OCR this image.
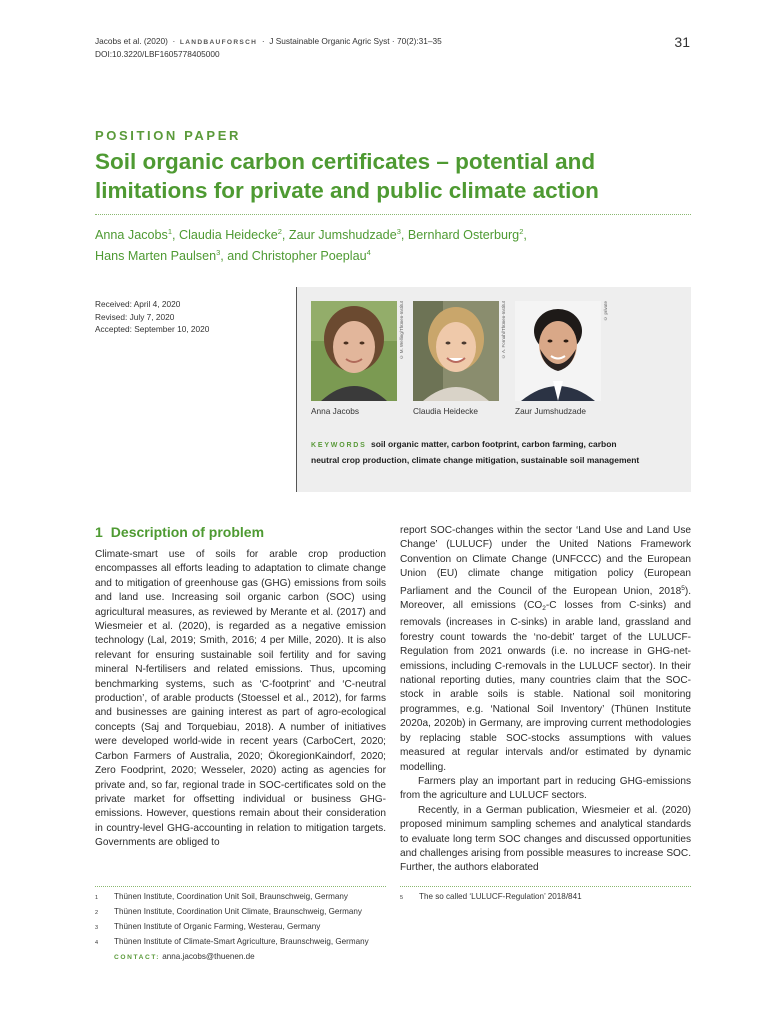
Jacobs et al. (2020) · LANDBAUFORSCH · J Sustainable Organic Agric Syst · 70(2):31–35
DOI:10.3220/LBF1605778405000
31
POSITION PAPER
Soil organic carbon certificates – potential and
limitations for private and public climate action
Anna Jacobs$^1$, Claudia Heidecke$^2$, Zaur Jumshudzade$^3$, Bernhard Osterburg$^2$,
Hans Marten Paulsen$^3$, and Christopher Poeplau$^4$
Received: April 4, 2020
Revised: July 7, 2020
Accepted: September 10, 2020	© M. Welling/Thünen-Institut
Anna Jacobs
© A. Fornahl/Thünen-Institut
Claudia Heidecke
© private
Zaur Jumshudzade
KEYWORDS soil organic matter, carbon footprint, carbon farming, carbon neutral crop production, climate change mitigation, sustainable soil management
1 Description of problem

Climate-smart use of soils for arable crop production encompasses all efforts leading to adaptation to climate change and to mitigation of greenhouse gas (GHG) emissions from soils and land use. Increasing soil organic carbon (SOC) using agricultural measures, as reviewed by Merante et al. (2017) and Wiesmeier et al. (2020), is regarded as a negative emission technology (Lal, 2019; Smith, 2016; 4 per Mille, 2020). It is also relevant for ensuring sustainable soil fertility and for saving mineral N-fertilisers and related emissions. Thus, upcoming benchmarking systems, such as ‘C-footprint’ and ‘C-neutral production’, of arable products (Stoessel et al., 2012), for farms and businesses are gaining interest as part of agro-ecological concepts (Saj and Torquebiau, 2018). A number of initiatives were developed world-wide in recent years (CarboCert, 2020; Carbon Farmers of Australia, 2020; ÖkoregionKaindorf, 2020; Zero Foodprint, 2020; Wesseler, 2020) acting as agencies for private and, so far, regional trade in SOC-certificates sold on the private market for offsetting individual or business GHG-emissions. However, questions remain about their consideration in country-level GHG-accounting in relation to mitigation targets. Governments are obliged to

report SOC-changes within the sector ‘Land Use and Land Use Change’ (LULUCF) under the United Nations Framework Convention on Climate Change (UNFCCC) and the European Union (EU) climate change mitigation policy (European Parliament and the Council of the European Union, 2018$^5$). Moreover, all emissions ($CO_2-C$ losses from C-sinks) and removals (increases in C-sinks) in arable land, grassland and forestry count towards the ‘no-debit’ target of the LULUCF-Regulation from 2021 onwards (i.e. no increase in GHG-net-emissions, including C-removals in the LULUCF sector). In their national reporting duties, many countries claim that the SOC-stock in arable soils is stable. National soil monitoring programmes, e.g. ‘National Soil Inventory’ (Thünen Institute 2020a, 2020b) in Germany, are improving current methodologies by replacing stable SOC-stocks assumptions with values measured at regular intervals and/or estimated by dynamic modelling.

Farmers play an important part in reducing GHG-emissions from the agriculture and LULUCF sectors.

Recently, in a German publication, Wiesmeier et al. (2020) proposed minimum sampling schemes and analytical standards to evaluate long term SOC changes and discussed opportunities and challenges arising from possible measures to increase SOC. Further, the authors elaborated

1	Thünen Institute, Coordination Unit Soil, Braunschweig, Germany
2	Thünen Institute, Coordination Unit Climate, Braunschweig, Germany
3	Thünen Institute of Organic Farming, Westerau, Germany
4	Thünen Institute of Climate-Smart Agriculture, Braunschweig, Germany
CONTACT: anna.jacobs@thuenen.de
5	The so called ‘LULUCF-Regulation’ 2018/841
